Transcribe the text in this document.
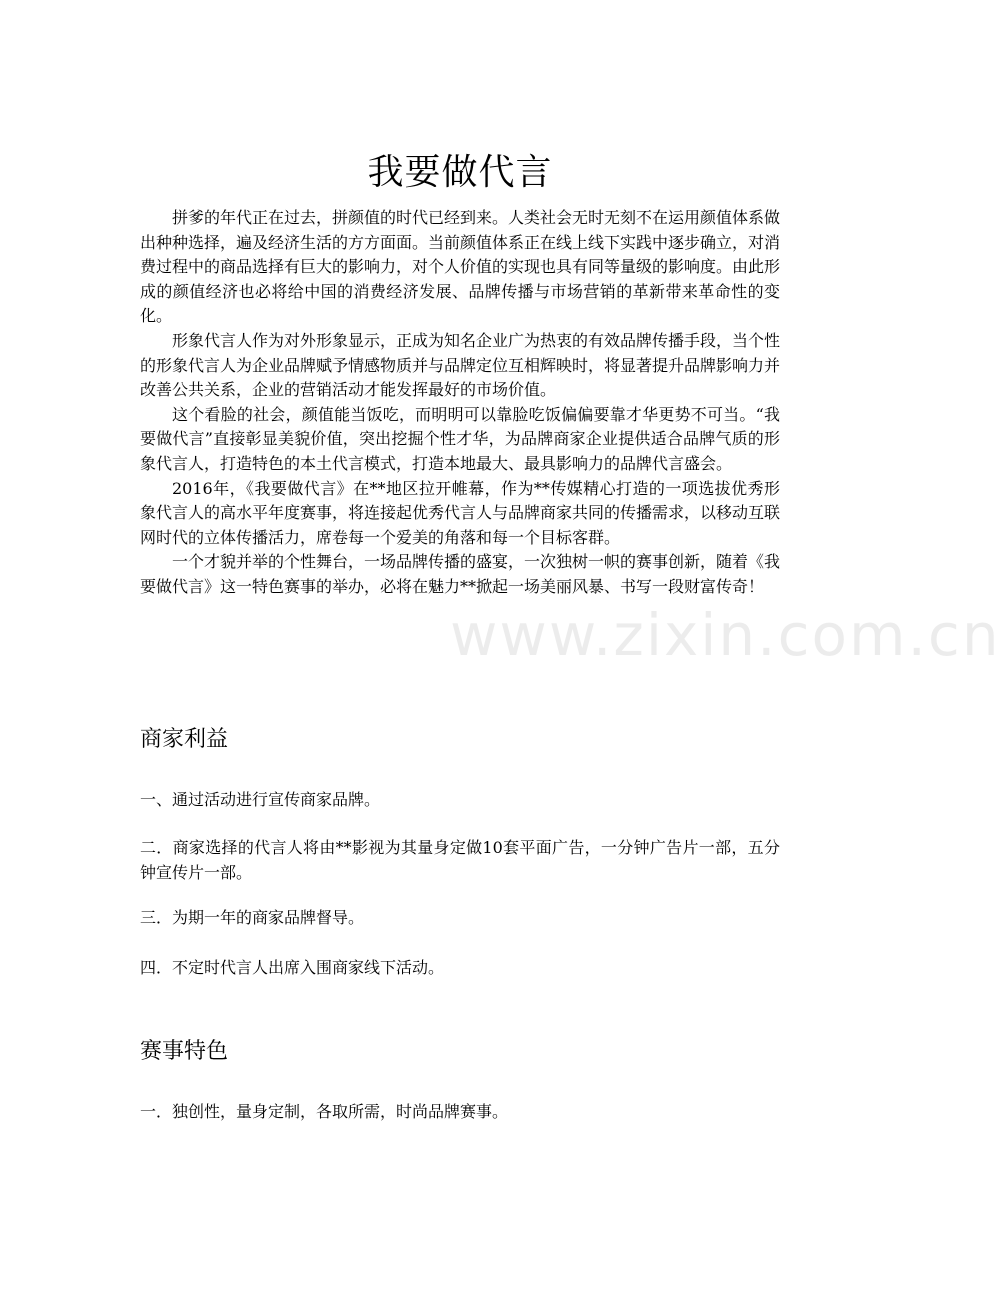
我要做代言

拼爹的年代正在过去，拼颜值的时代已经到来。人类社会无时无刻不在运用颜值体系做出种种选择，遍及经济生活的方方面面。当前颜值体系正在线上线下实践中逐步确立，对消费过程中的商品选择有巨大的影响力，对个人价值的实现也具有同等量级的影响度。由此形成的颜值经济也必将给中国的消费经济发展、品牌传播与市场营销的革新带来革命性的变化。

形象代言人作为对外形象显示，正成为知名企业广为热衷的有效品牌传播手段，当个性的形象代言人为企业品牌赋予情感物质并与品牌定位互相辉映时，将显著提升品牌影响力并改善公共关系，企业的营销活动才能发挥最好的市场价值。

这个看脸的社会，颜值能当饭吃，而明明可以靠脸吃饭偏偏要靠才华更势不可当。“我要做代言”直接彰显美貌价值，突出挖掘个性才华，为品牌商家企业提供适合品牌气质的形象代言人，打造特色的本土代言模式，打造本地最大、最具影响力的品牌代言盛会。

2016年，《我要做代言》在**地区拉开帷幕，作为**传媒精心打造的一项选拔优秀形象代言人的高水平年度赛事，将连接起优秀代言人与品牌商家共同的传播需求，以移动互联网时代的立体传播活力，席卷每一个爱美的角落和每一个目标客群。

一个才貌并举的个性舞台，一场品牌传播的盛宴，一次独树一帜的赛事创新，随着《我要做代言》这一特色赛事的举办，必将在魅力**掀起一场美丽风暴、书写一段财富传奇！

www.zixin.com.cn
商家利益

一、通过活动进行宣传商家品牌。

二．商家选择的代言人将由**影视为其量身定做10套平面广告，一分钟广告片一部，五分钟宣传片一部。

三．为期一年的商家品牌督导。

四．不定时代言人出席入围商家线下活动。

赛事特色

一．独创性，量身定制，各取所需，时尚品牌赛事。
